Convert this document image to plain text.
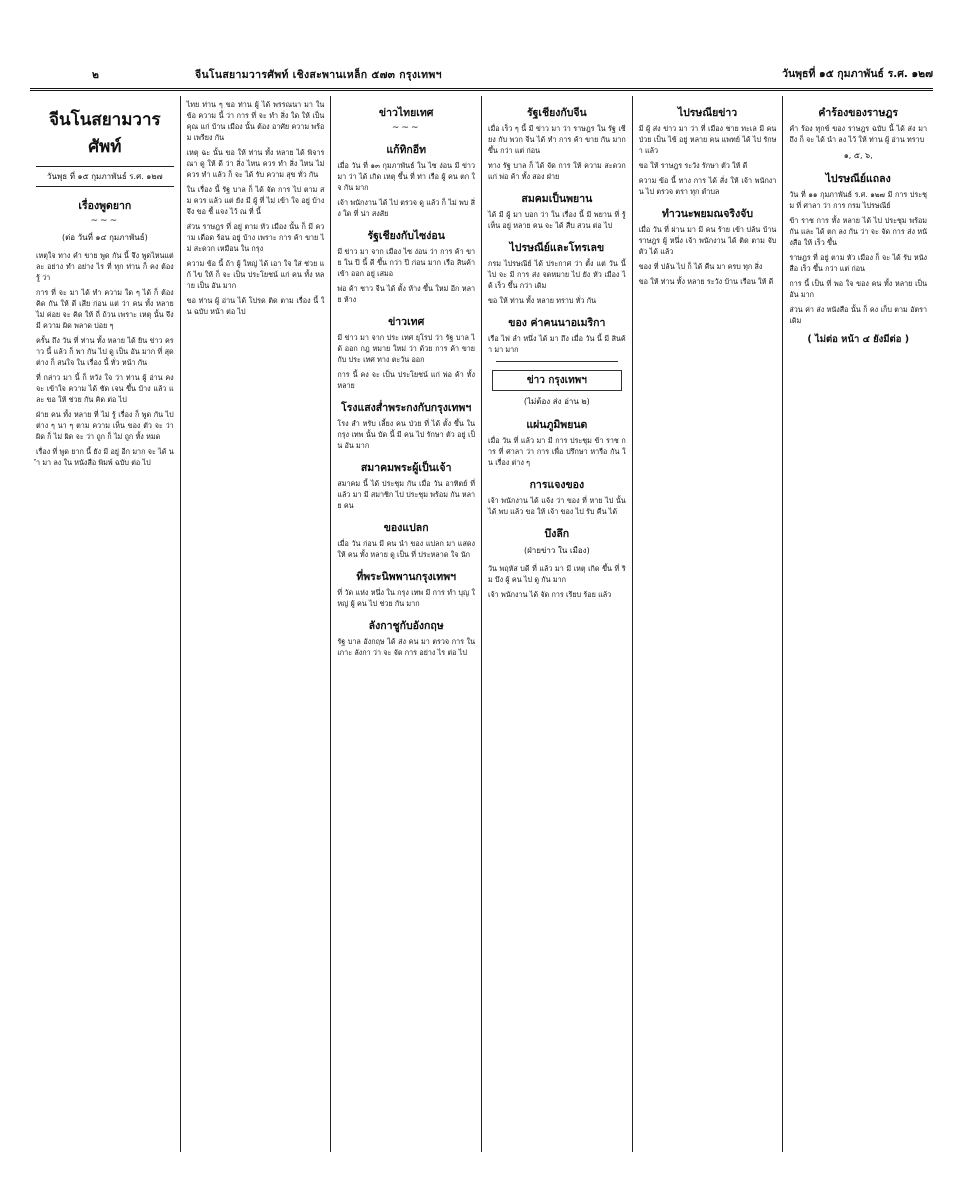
๒	จีนโนสยามวารศัพท์ เชิงสะพานเหล็ก ๕๗๓ กรุงเทพฯ	วันพุธที่ ๑๕ กุมภาพันธ์ ร.ศ. ๑๒๗
จีนโนสยามวารศัพท์
วันพุธ ที่ ๑๕ กุมภาพันธ์ ร.ศ. ๑๒๗
เรื่องพูดยาก
~~~
(ต่อ วันที่ ๑๔ กุมภาพันธ์)

เหตุใจ ทาง คำ ขาย พูด กัน นี้ จึง พูดไหนแต่ ละ อย่าง ทำ อย่าง ไร ที่ ทุก ท่าน ก็ คง ต้อง รู้ ว่า

การ ที่ จะ มา ได้ ทำ ความ ใด ๆ ได้ ก็ ต้อง คิด กัน ให้ ดี เสีย ก่อน แต่ ว่า คน ทั้ง หลาย ไม่ ค่อย จะ คิด ให้ ถี่ ถ้วน เพราะ เหตุ นั้น จึง มี ความ ผิด พลาด บ่อย ๆ

ครั้น ถึง วัน ที่ ท่าน ทั้ง หลาย ได้ ยิน ข่าว คราว นี้ แล้ว ก็ พา กัน ไป ดู เป็น อัน มาก ที่ สุด ต่าง ก็ สนใจ ใน เรื่อง นี้ ทั่ว หน้า กัน

ที่ กล่าว มา นี้ ก็ หวัง ใจ ว่า ท่าน ผู้ อ่าน คง จะ เข้าใจ ความ ได้ ชัด เจน ขึ้น บ้าง แล้ว และ ขอ ให้ ช่วย กัน คิด ต่อ ไป

ฝ่าย คน ทั้ง หลาย ที่ ไม่ รู้ เรื่อง ก็ พูด กัน ไป ต่าง ๆ นา ๆ ตาม ความ เห็น ของ ตัว จะ ว่า ผิด ก็ ไม่ ผิด จะ ว่า ถูก ก็ ไม่ ถูก ทั้ง หมด

เรื่อง ที่ พูด ยาก นี้ ยัง มี อยู่ อีก มาก จะ ได้ นำ มา ลง ใน หนังสือ พิมพ์ ฉบับ ต่อ ไป

ไทย ท่าน ๆ ขอ ท่าน ผู้ ได้ พรรณนา มา ใน ข้อ ความ นี้ ว่า การ ที่ จะ ทำ สิ่ง ใด ให้ เป็น คุณ แก่ บ้าน เมือง นั้น ต้อง อาศัย ความ พร้อม เพรียง กัน

เหตุ ฉะ นั้น ขอ ให้ ท่าน ทั้ง หลาย ได้ พิจารณา ดู ให้ ดี ว่า สิ่ง ไหน ควร ทำ สิ่ง ไหน ไม่ ควร ทำ แล้ว ก็ จะ ได้ รับ ความ สุข ทั่ว กัน

ใน เรื่อง นี้ รัฐ บาล ก็ ได้ จัด การ ไป ตาม สม ควร แล้ว แต่ ยัง มี ผู้ ที่ ไม่ เข้า ใจ อยู่ บ้าง จึง ขอ ชี้ แจง ไว้ ณ ที่ นี้

ส่วน ราษฎร ที่ อยู่ ตาม หัว เมือง นั้น ก็ มี ความ เดือด ร้อน อยู่ บ้าง เพราะ การ ค้า ขาย ไม่ สะดวก เหมือน ใน กรุง

ความ ข้อ นี้ ถ้า ผู้ ใหญ่ ได้ เอา ใจ ใส่ ช่วย แก้ ไข ให้ ก็ จะ เป็น ประโยชน์ แก่ คน ทั้ง หลาย เป็น อัน มาก

ขอ ท่าน ผู้ อ่าน ได้ โปรด ติด ตาม เรื่อง นี้ ใน ฉบับ หน้า ต่อ ไป

ข่าวไทยเทศ
~~~
แก้ทิกอีท

เมื่อ วัน ที่ ๑๓ กุมภาพันธ์ ใน ไซ ง่อน มี ข่าว มา ว่า ได้ เกิด เหตุ ขึ้น ที่ ท่า เรือ ผู้ คน ตก ใจ กัน มาก

เจ้า พนักงาน ได้ ไป ตรวจ ดู แล้ว ก็ ไม่ พบ สิ่ง ใด ที่ น่า สงสัย

รัฐเชียงกับไซง่อน

มี ข่าว มา จาก เมือง ไซ ง่อน ว่า การ ค้า ขาย ใน ปี นี้ ดี ขึ้น กว่า ปี ก่อน มาก เรือ สินค้า เข้า ออก อยู่ เสมอ

พ่อ ค้า ชาว จีน ได้ ตั้ง ห้าง ขึ้น ใหม่ อีก หลาย ห้าง

ข่าวเทศ

มี ข่าว มา จาก ประ เทศ ยุโรป ว่า รัฐ บาล ได้ ออก กฎ หมาย ใหม่ ว่า ด้วย การ ค้า ขาย กับ ประ เทศ ทาง ตะวัน ออก

การ นี้ คง จะ เป็น ประโยชน์ แก่ พ่อ ค้า ทั้ง หลาย

โรงแสงส่ำพระกงกับกรุงเทพฯ

โรง สำ หรับ เลี้ยง คน ป่วย ที่ ได้ ตั้ง ขึ้น ใน กรุง เทพ นั้น บัด นี้ มี คน ไป รักษา ตัว อยู่ เป็น อัน มาก

สมาคมพระผู้เป็นเจ้า

สมาคม นี้ ได้ ประชุม กัน เมื่อ วัน อาทิตย์ ที่ แล้ว มา มี สมาชิก ไป ประชุม พร้อม กัน หลาย คน

ของแปลก

เมื่อ วัน ก่อน มี คน นำ ของ แปลก มา แสดง ให้ คน ทั้ง หลาย ดู เป็น ที่ ประหลาด ใจ นัก

ที่พระนิพพานกรุงเทพฯ

ที่ วัด แห่ง หนึ่ง ใน กรุง เทพ มี การ ทำ บุญ ใหญ่ ผู้ คน ไป ช่วย กัน มาก

ลังกาชูกับอังกฤษ

รัฐ บาล อังกฤษ ได้ ส่ง คน มา ตรวจ การ ใน เกาะ ลังกา ว่า จะ จัด การ อย่าง ไร ต่อ ไป

รัฐเชียงกับจีน

เมื่อ เร็ว ๆ นี้ มี ข่าว มา ว่า ราษฎร ใน รัฐ เชียง กับ พวก จีน ได้ ทำ การ ค้า ขาย กัน มาก ขึ้น กว่า แต่ ก่อน

ทาง รัฐ บาล ก็ ได้ จัด การ ให้ ความ สะดวก แก่ พ่อ ค้า ทั้ง สอง ฝ่าย

สมคมเป็นพยาน

ได้ มี ผู้ มา บอก ว่า ใน เรื่อง นี้ มี พยาน ที่ รู้ เห็น อยู่ หลาย คน จะ ได้ สืบ สวน ต่อ ไป

ไปรษณีย์และโทรเลข

กรม ไปรษณีย์ ได้ ประกาศ ว่า ตั้ง แต่ วัน นี้ ไป จะ มี การ ส่ง จดหมาย ไป ยัง หัว เมือง ได้ เร็ว ขึ้น กว่า เดิม

ขอ ให้ ท่าน ทั้ง หลาย ทราบ ทั่ว กัน

ของ ค่าคนนาอเมริกา

เรือ ไฟ ลำ หนึ่ง ได้ มา ถึง เมื่อ วัน นี้ มี สินค้า มา มาก

ข่าว กรุงเทพฯ
(ไม่ต้อง ส่ง อ่าน ๒)
แผ่นภูมิพยนด

เมื่อ วัน ที่ แล้ว มา มี การ ประชุม ข้า ราช การ ที่ ศาลา ว่า การ เพื่อ ปรึกษา หารือ กัน ใน เรื่อง ต่าง ๆ

การแจงของ

เจ้า พนักงาน ได้ แจ้ง ว่า ของ ที่ หาย ไป นั้น ได้ พบ แล้ว ขอ ให้ เจ้า ของ ไป รับ คืน ได้

บึงลึก
(ฝ่ายข่าว ใน เมือง)

วัน พฤหัส บดี ที่ แล้ว มา มี เหตุ เกิด ขึ้น ที่ ริม บึง ผู้ คน ไป ดู กัน มาก

เจ้า พนักงาน ได้ จัด การ เรียบ ร้อย แล้ว

ไปรษณียข่าว

มี ผู้ ส่ง ข่าว มา ว่า ที่ เมือง ชาย ทะเล มี คน ป่วย เป็น ไข้ อยู่ หลาย คน แพทย์ ได้ ไป รักษา แล้ว

ขอ ให้ ราษฎร ระวัง รักษา ตัว ให้ ดี

ความ ข้อ นี้ ทาง การ ได้ สั่ง ให้ เจ้า พนักงาน ไป ตรวจ ตรา ทุก ตำบล

ทำวนะพยมณจริงจับ

เมื่อ วัน ที่ ผ่าน มา มี คน ร้าย เข้า ปล้น บ้าน ราษฎร ผู้ หนึ่ง เจ้า พนักงาน ได้ ติด ตาม จับ ตัว ได้ แล้ว

ของ ที่ ปล้น ไป ก็ ได้ คืน มา ครบ ทุก สิ่ง

ขอ ให้ ท่าน ทั้ง หลาย ระวัง บ้าน เรือน ให้ ดี

คำร้องของราษฎร

คำ ร้อง ทุกข์ ของ ราษฎร ฉบับ นี้ ได้ ส่ง มา ถึง ก็ จะ ได้ นำ ลง ไว้ ให้ ท่าน ผู้ อ่าน ทราบ

๑, ๕, ๖,
ไปรษณีย์แถลง

วัน ที่ ๑๑ กุมภาพันธ์ ร.ศ. ๑๒๗ มี การ ประชุม ที่ ศาลา ว่า การ กรม ไปรษณีย์

ข้า ราช การ ทั้ง หลาย ได้ ไป ประชุม พร้อม กัน และ ได้ ตก ลง กัน ว่า จะ จัด การ ส่ง หนังสือ ให้ เร็ว ขึ้น

ราษฎร ที่ อยู่ ตาม หัว เมือง ก็ จะ ได้ รับ หนังสือ เร็ว ขึ้น กว่า แต่ ก่อน

การ นี้ เป็น ที่ พอ ใจ ของ คน ทั้ง หลาย เป็น อัน มาก

ส่วน ค่า ส่ง หนังสือ นั้น ก็ คง เก็บ ตาม อัตรา เดิม

( ไม่ต่อ หน้า ๔ ยังมีต่อ )
